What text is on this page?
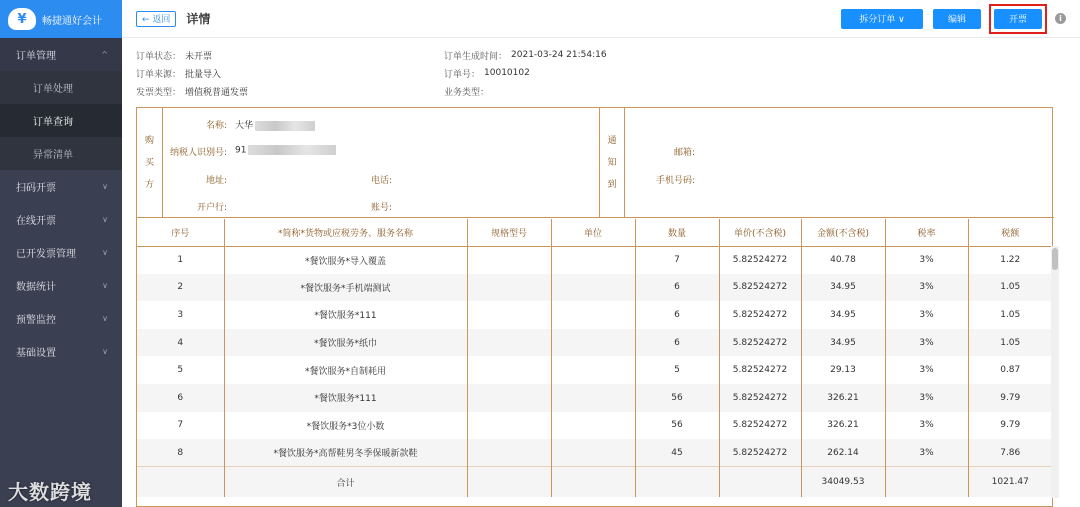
¥	畅捷通好会计
订单管理	^
订单处理
订单查询
异常清单
扫码开票	∨
在线开票	∨
已开发票管理	∨
数据统计	∨
预警监控	∨
基础设置	∨
← 返回	详情	拆分订单 ∨	编辑	开票	i
订单状态： 未开票
订单来源： 批量导入
发票类型： 增值税普通发票
订单生成时间： 2021-03-24 21:54:16
订单号： 10010102
业务类型：
购
买
方
名称: 大华
纳税人识别号: 91
地址:	电话:
开户行:	账号:
通
知
到
邮箱:
手机号码:
序号	*简称*货物或应税劳务、服务名称	规格型号	单位	数量	单价(不含税)	金额(不含税)	税率	税额
1	*餐饮服务*导入覆盖			7	5.82524272	40.78	3%	1.22
2	*餐饮服务*手机端测试			6	5.82524272	34.95	3%	1.05
3	*餐饮服务*111			6	5.82524272	34.95	3%	1.05
4	*餐饮服务*纸巾			6	5.82524272	34.95	3%	1.05
5	*餐饮服务*自制耗用			5	5.82524272	29.13	3%	0.87
6	*餐饮服务*111			56	5.82524272	326.21	3%	9.79
7	*餐饮服务*3位小数			56	5.82524272	326.21	3%	9.79
8	*餐饮服务*高帮鞋男冬季保暖新款鞋			45	5.82524272	262.14	3%	7.86
	合计					34049.53		1021.47
大数跨境
